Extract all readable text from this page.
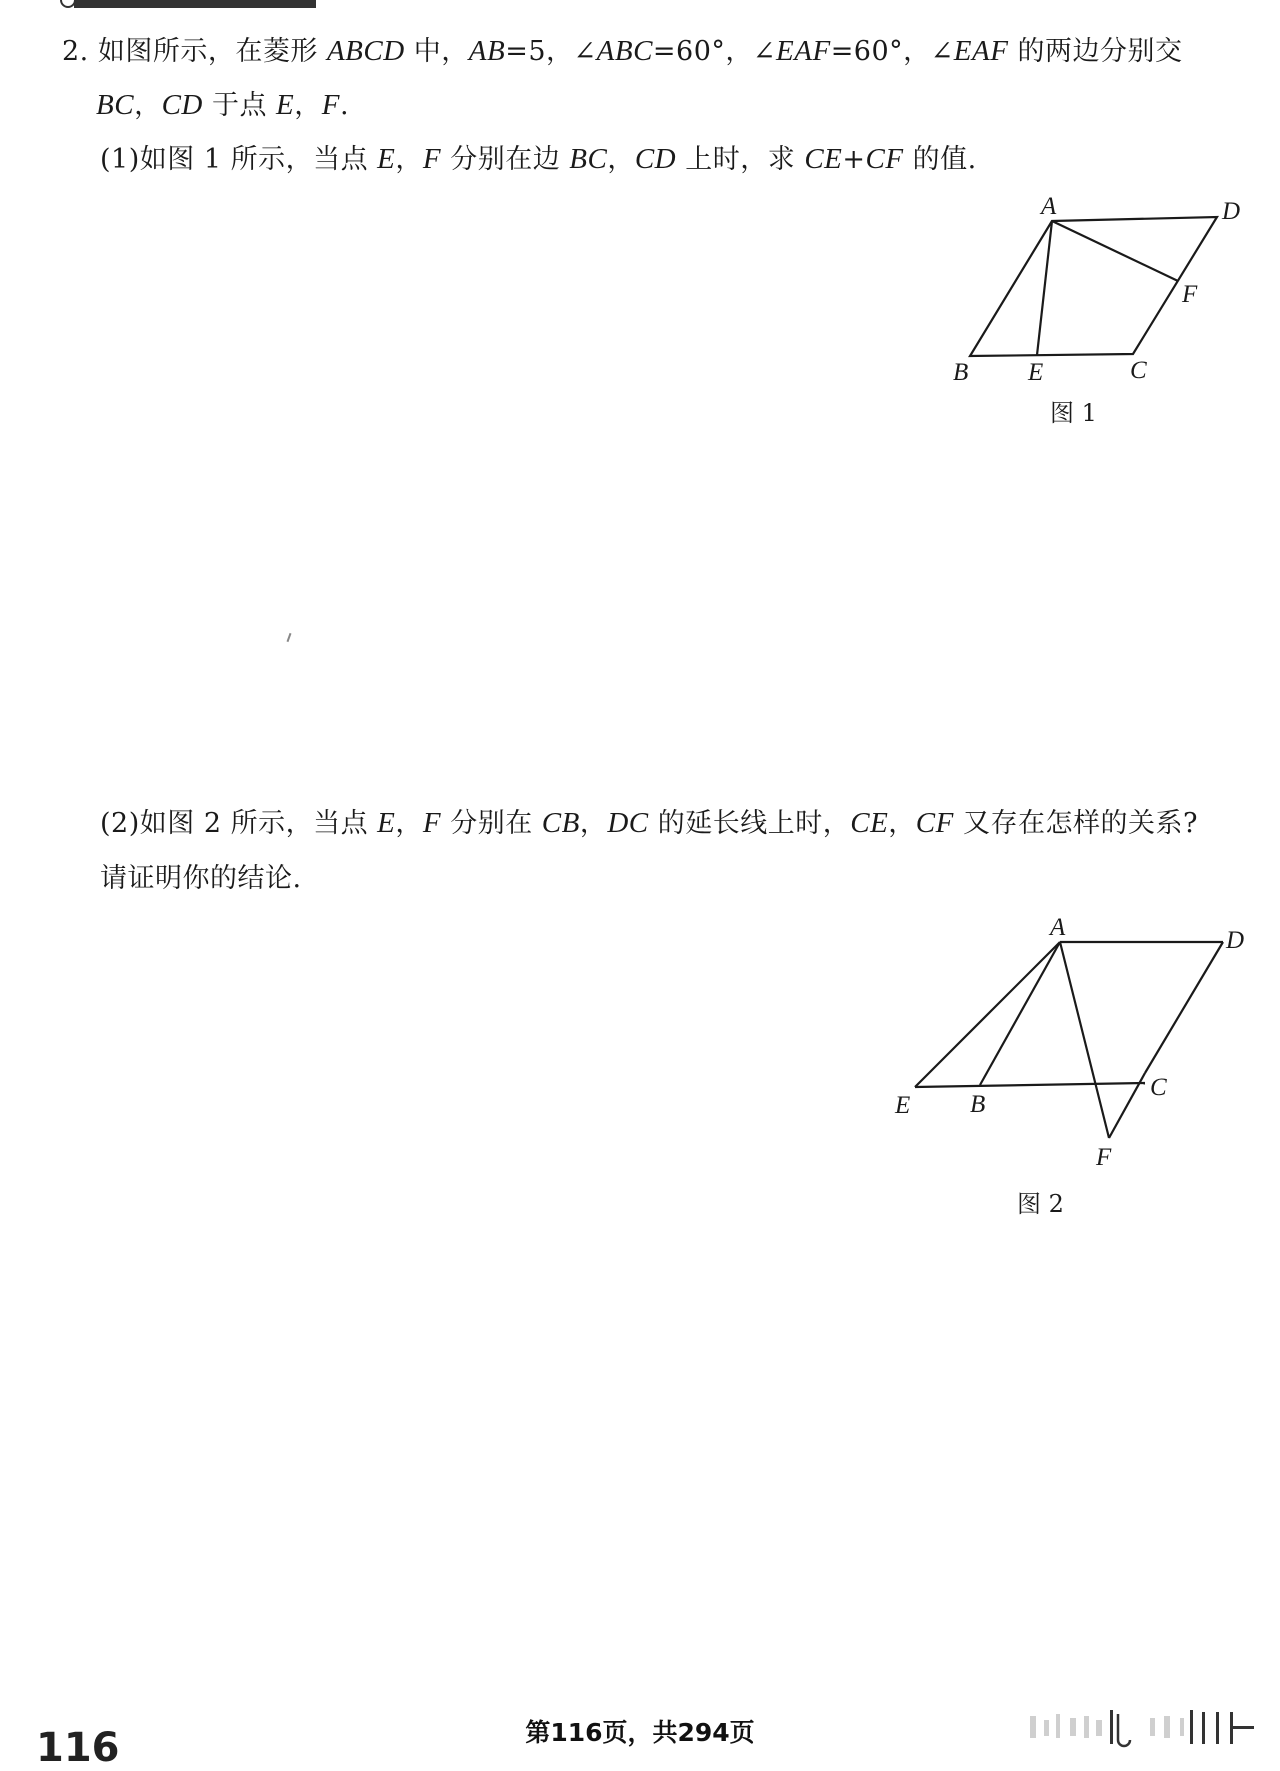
2. 如图所示，在菱形 ABCD 中，AB=5，∠ABC=60°，∠EAF=60°，∠EAF 的两边分别交
BC，CD 于点 E，F.
(1)如图 1 所示，当点 E，F 分别在边 BC，CD 上时，求 CE+CF 的值.
A	D
F
B E	C
图 1
(2)如图 2 所示，当点 E，F 分别在 CB，DC 的延长线上时，CE，CF 又存在怎样的关系?
请证明你的结论.
A	D
E B
C
F
图 2
116	第116页，共294页
